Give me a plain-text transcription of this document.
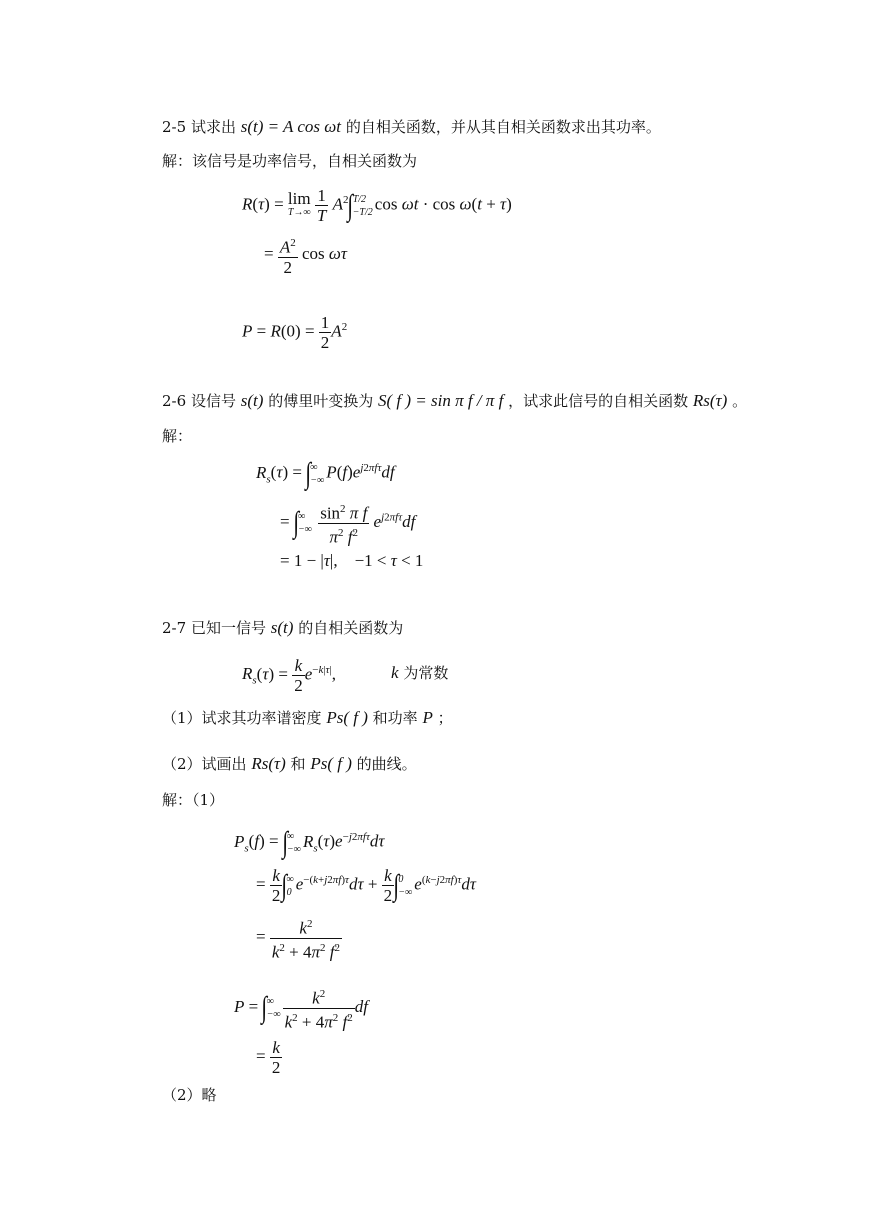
2-5 试求出 s(t) = A cos ωt 的自相关函数，并从其自相关函数求出其功率。
解：该信号是功率信号，自相关函数为
R(τ) = lim
T→∞
$\frac{1}{T} A^2\int$ T/2
−T/2 cos ωt · cos ω(t + τ)
= $\frac{A^2}{2}$ cos ωτ
$P = R(0) = \frac{1}{2} A^2$
2-6 设信号 s(t) 的傅里叶变换为 S( f ) = sin π f / π f ，试求此信号的自相关函数 Rs(τ) 。
解：
$R_s(\tau)$ = ∫ ∞
−∞ $P(f)e^{j2\pi f\tau}df$
= ∫ ∞
−∞
$\frac{\sin^2 \pi f}{\pi^2 f^2} e^{j2\pi f\tau}df$
= 1 − |τ|,    −1 < τ < 1
2-7 已知一信号 s(t) 的自相关函数为
$R_s(\tau) = \frac{k}{2} e^{-k|\tau|}$,	k 为常数
（1）试求其功率谱密度 Ps( f ) 和功率 P ；
（2）试画出 Rs(τ) 和 Ps( f ) 的曲线。
解：（1）
$P_s(f)$ = ∫ ∞
−∞ $R_s(\tau)e^{-j2\pi f\tau}d\tau$
= $\frac{k}{2}$ ∫ ∞
0 $e^{-(k+j2\pi f)\tau}d\tau + \frac{k}{2}$ ∫ 0
−∞ $e^{(k-j2\pi f)\tau}d\tau$
= $\frac{k^2}{k^2 + 4\pi^2 f^2}$
P = ∫ ∞
−∞ $\frac{k^2}{k^2 + 4\pi^2 f^2}$ df
= $\frac{k}{2}$
（2）略
